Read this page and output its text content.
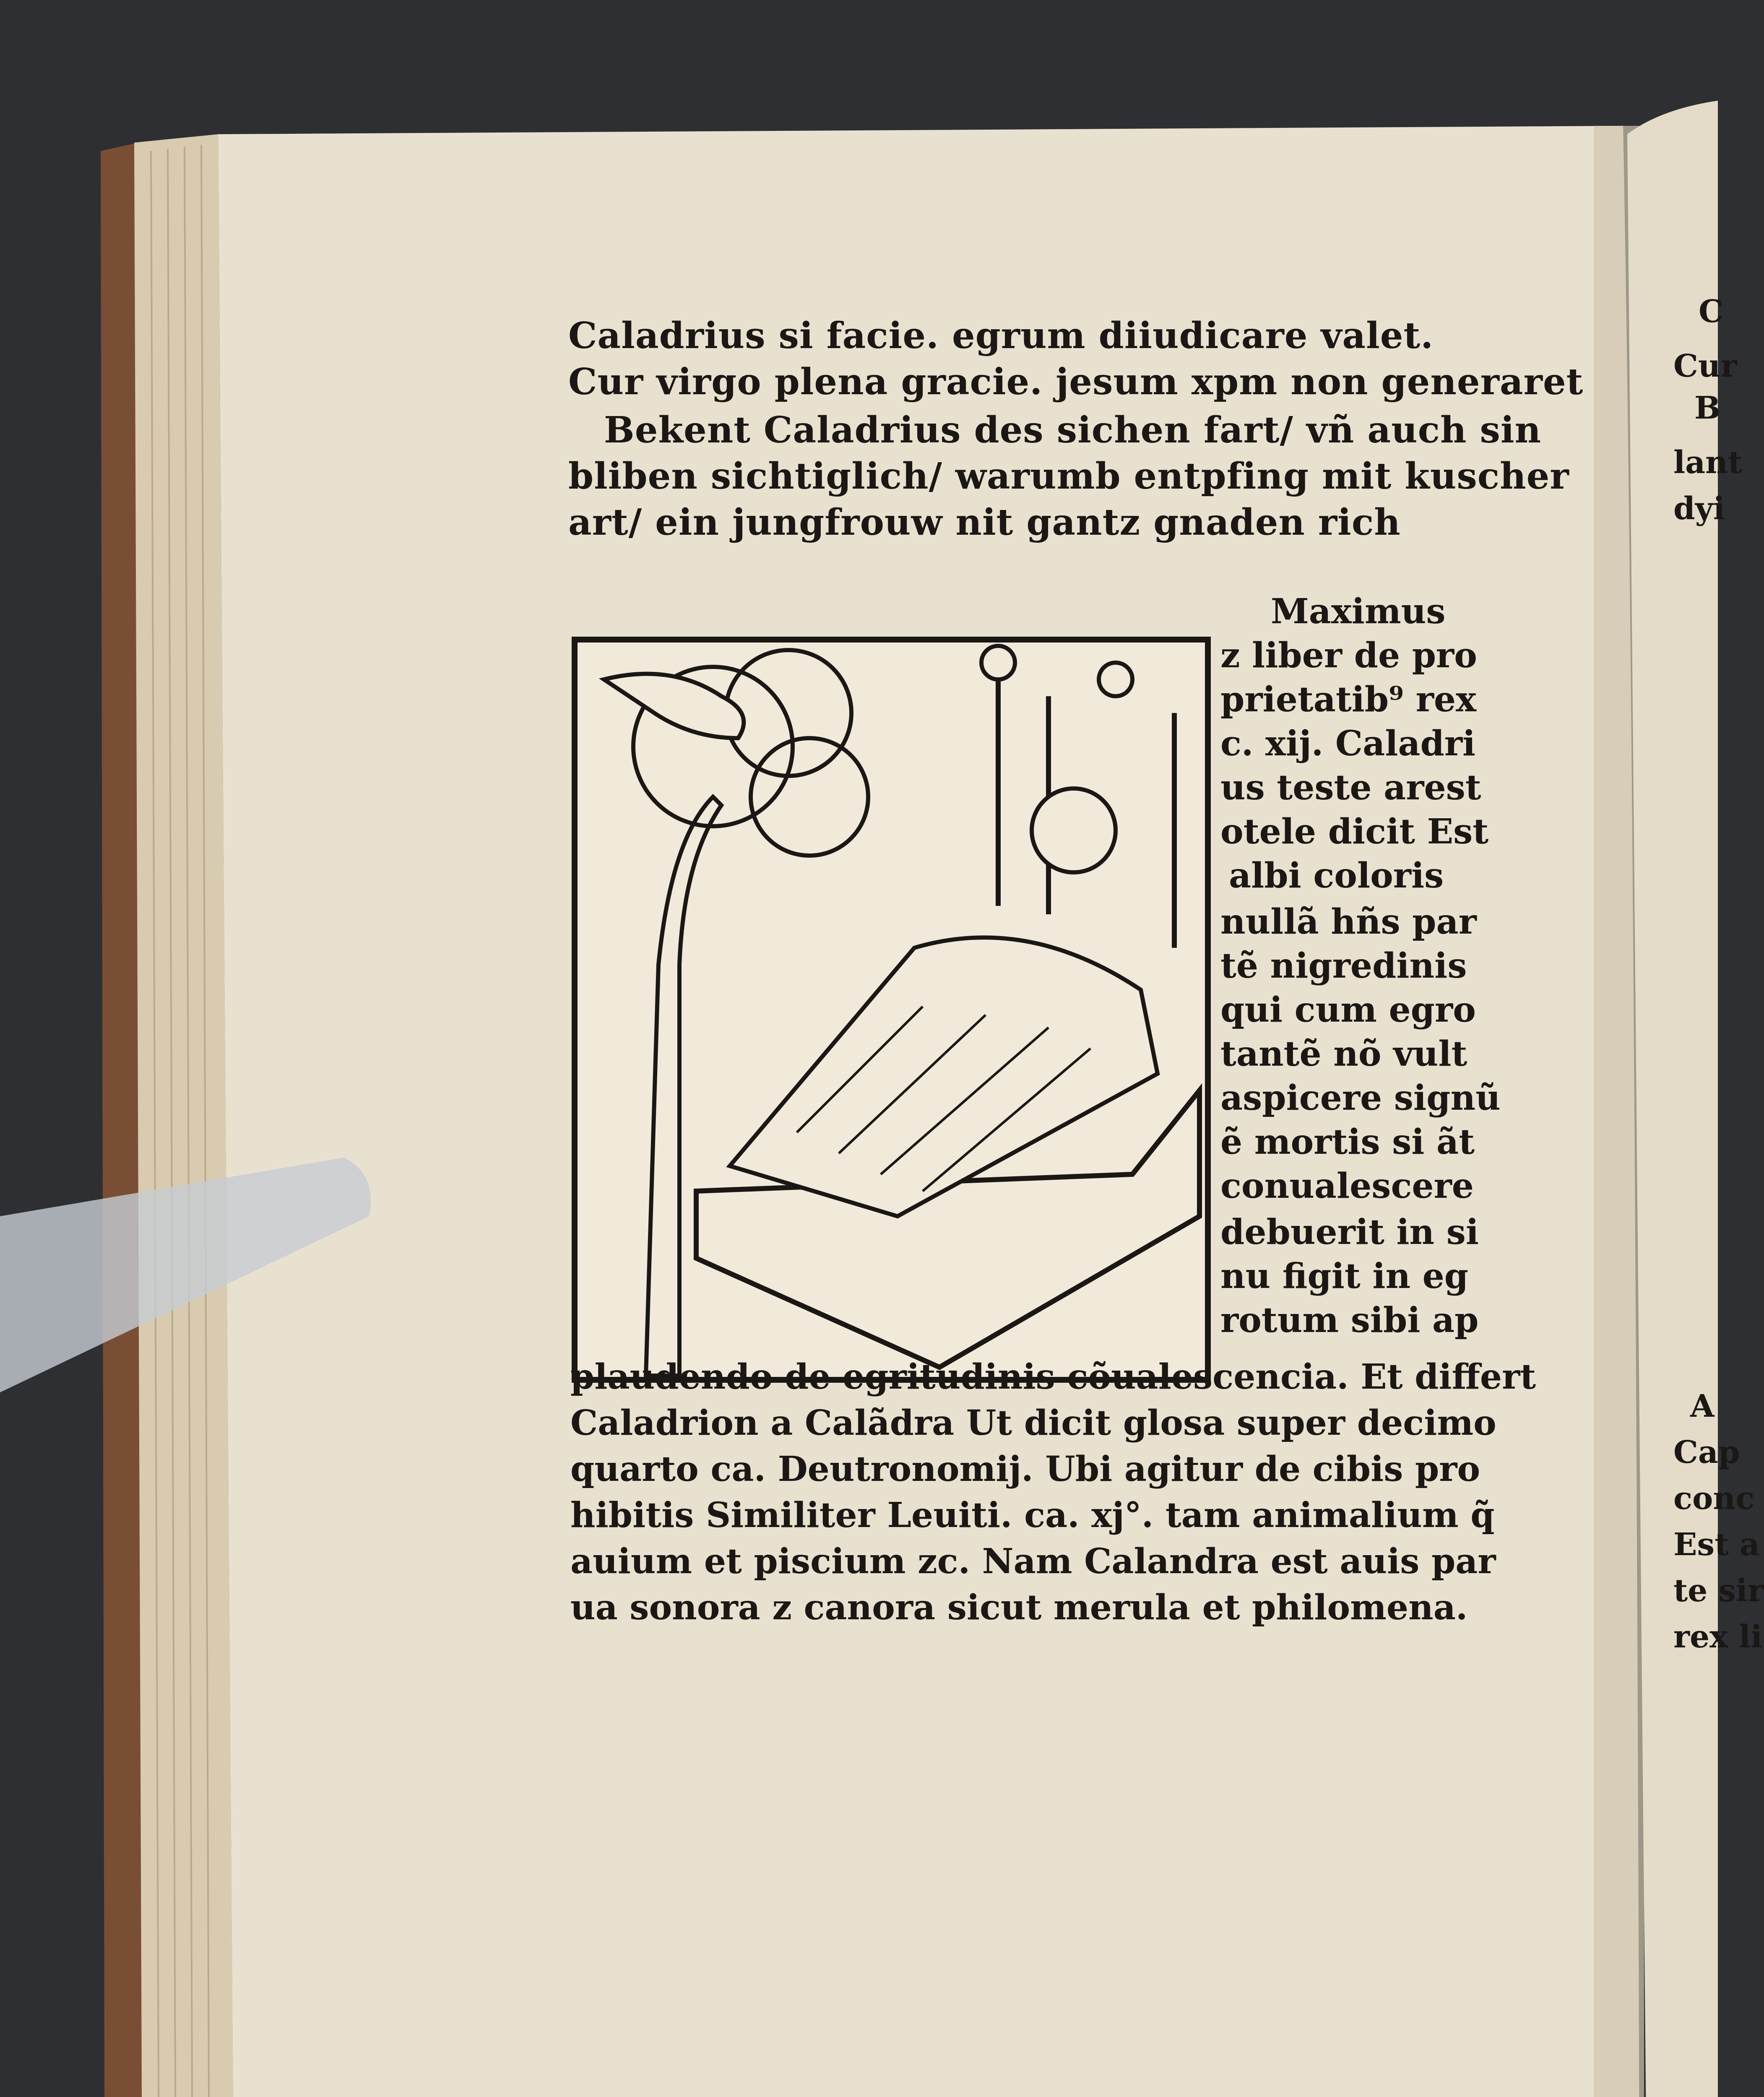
Caladrius si facie. egrum diiudicare valet.
Cur virgo plena gracie. jesum xpm non generaret
Bekent Caladrius des sichen fart/ vñ auch sin
bliben sichtiglich/ warumb entpfing mit kuscher
art/ ein jungfrouw nit gantz gnaden rich
Maximus
z liber de pro
prietatib⁹ rex
c. xij. Caladri
us teste arest
otele dicit Est
albi coloris
nullã hñs par
tẽ nigredinis
qui cum egro
tantẽ nõ vult
aspicere signũ
ẽ mortis si ãt
conualescere
debuerit in si
nu figit in eg
rotum sibi ap
plaudendo de egritudinis cõualescencia. Et differt
Caladrion a Calãdra Ut dicit glosa super decimo
quarto ca. Deutronomij. Ubi agitur de cibis pro
hibitis Similiter Leuiti. ca. xj°. tam animalium q̃
auium et piscium zc. Nam Calandra est auis par
ua sonora z canora sicut merula et philomena.
C
Cur
B
lant
dyi
A
Cap
conc
Est a
te sir
rex li
